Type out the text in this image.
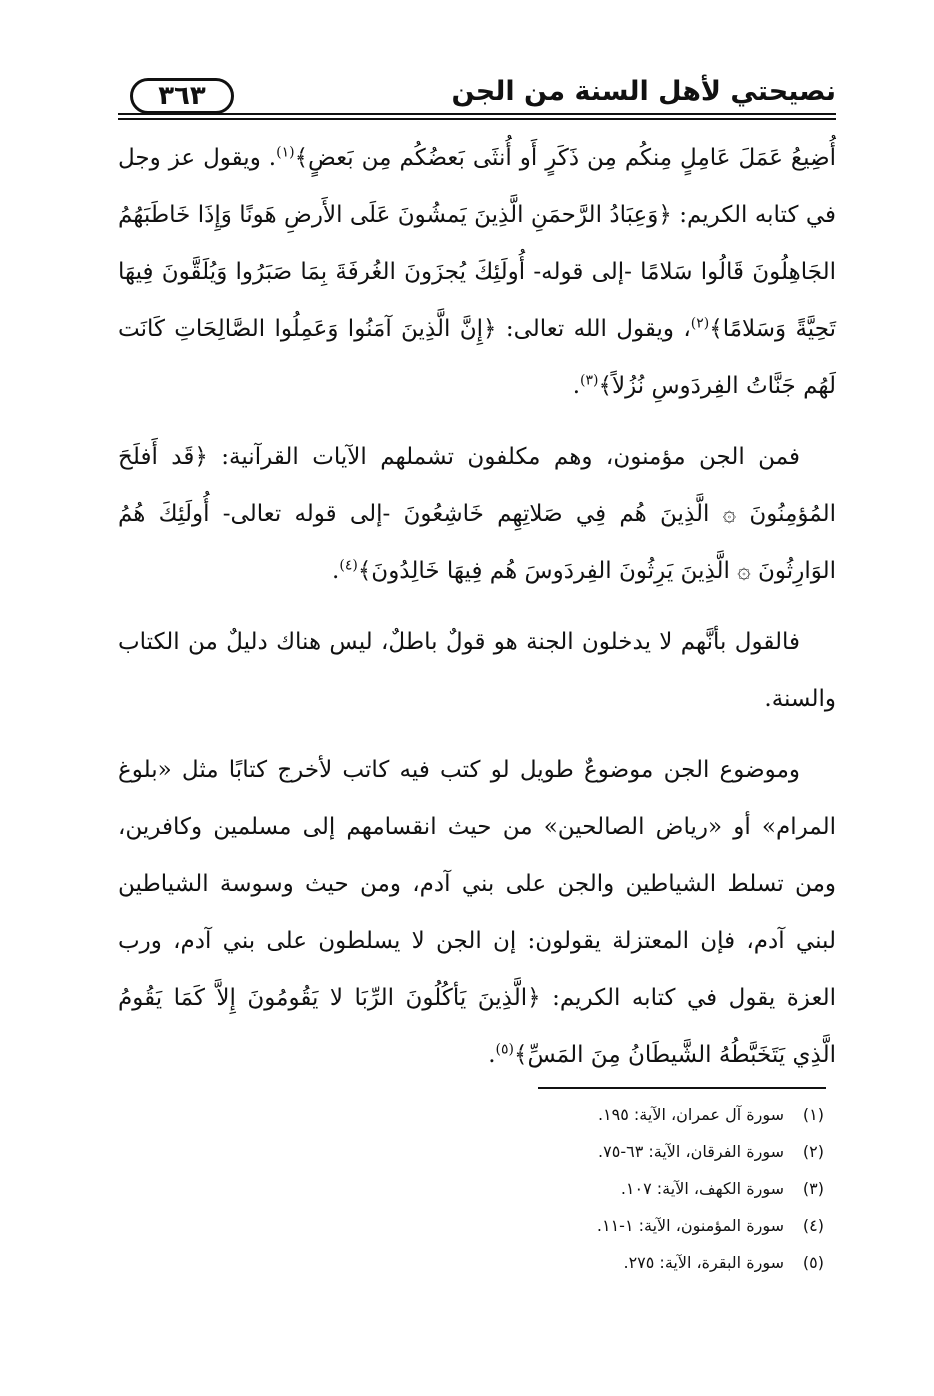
نصيحتي لأهل السنة من الجن
٣٦٣

أُضِيعُ عَمَلَ عَامِلٍ مِنكُم مِن ذَكَرٍ أَو أُنثَى بَعضُكُم مِن بَعضٍ﴾$^{(١)}$. ويقول عز وجل في كتابه الكريم: ﴿وَعِبَادُ الرَّحمَنِ الَّذِينَ يَمشُونَ عَلَى الأَرضِ هَونًا وَإِذَا خَاطَبَهُمُ الجَاهِلُونَ قَالُوا سَلامًا -إلى قوله- أُولَئِكَ يُجزَونَ الغُرفَةَ بِمَا صَبَرُوا وَيُلَقَّونَ فِيهَا تَحِيَّةً وَسَلامًا﴾$^{(٢)}$، ويقول الله تعالى: ﴿إِنَّ الَّذِينَ آمَنُوا وَعَمِلُوا الصَّالِحَاتِ كَانَت لَهُم جَنَّاتُ الفِردَوسِ نُزُلاً﴾$^{(٣)}$.

فمن الجن مؤمنون، وهم مكلفون تشملهم الآيات القرآنية: ﴿قَد أَفلَحَ المُؤمِنُونَ ۞ الَّذِينَ هُم فِي صَلاتِهِم خَاشِعُونَ -إلى قوله تعالى- أُولَئِكَ هُمُ الوَارِثُونَ ۞ الَّذِينَ يَرِثُونَ الفِردَوسَ هُم فِيهَا خَالِدُونَ﴾$^{(٤)}$.

فالقول بأنَّهم لا يدخلون الجنة هو قولٌ باطلٌ، ليس هناك دليلٌ من الكتاب والسنة.

وموضوع الجن موضوعٌ طويل لو كتب فيه كاتب لأخرج كتابًا مثل «بلوغ المرام» أو «رياض الصالحين» من حيث انقسامهم إلى مسلمين وكافرين، ومن تسلط الشياطين والجن على بني آدم، ومن حيث وسوسة الشياطين لبني آدم، فإن المعتزلة يقولون: إن الجن لا يسلطون على بني آدم، ورب العزة يقول في كتابه الكريم: ﴿الَّذِينَ يَأكُلُونَ الرِّبَا لا يَقُومُونَ إِلاَّ كَمَا يَقُومُ الَّذِي يَتَخَبَّطُهُ الشَّيطَانُ مِنَ المَسِّ﴾$^{(٥)}$.

(١)سورة آل عمران، الآية: ١٩٥.
(٢)سورة الفرقان، الآية: ٦٣-٧٥.
(٣)سورة الكهف، الآية: ١٠٧.
(٤)سورة المؤمنون، الآية: ١-١١.
(٥)سورة البقرة، الآية: ٢٧٥.
